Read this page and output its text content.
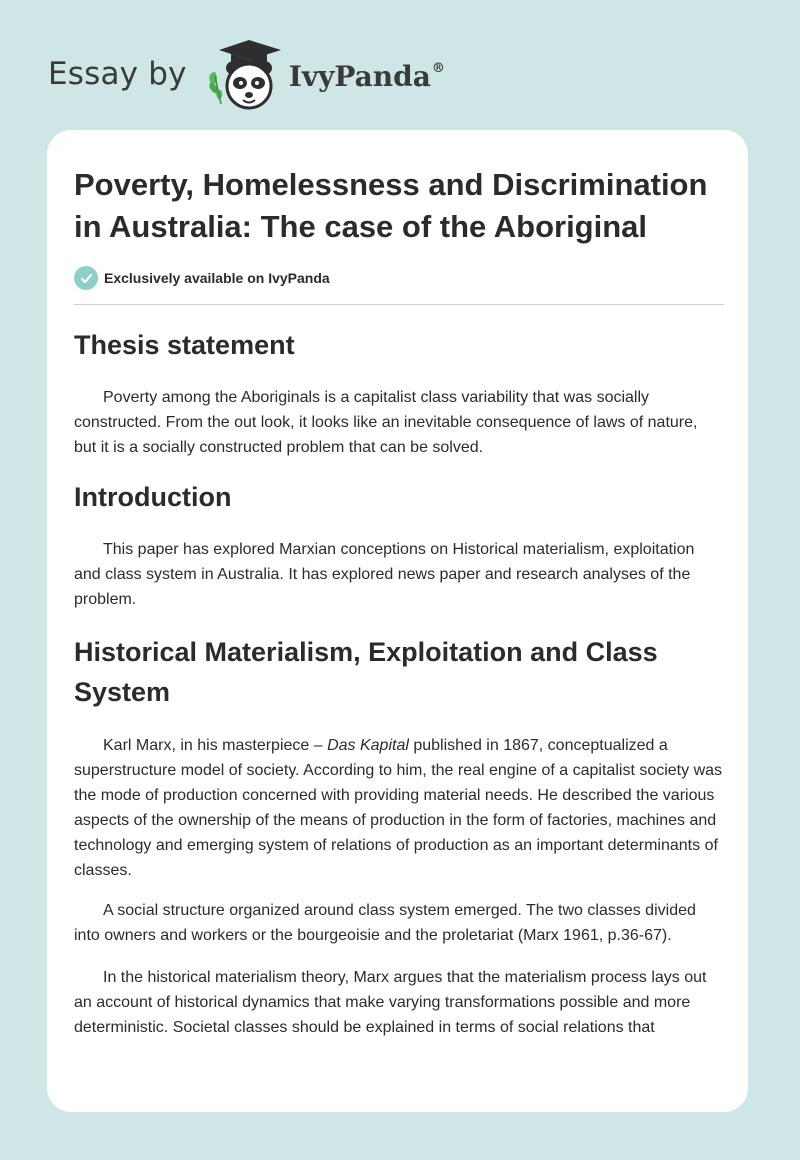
Essay by	IvyPanda®
Poverty, Homelessness and Discrimination in Australia: The case of the Aboriginal
Exclusively available on IvyPanda
Thesis statement

Poverty among the Aboriginals is a capitalist class variability that was socially constructed. From the out look, it looks like an inevitable consequence of laws of nature, but it is a socially constructed problem that can be solved.

Introduction

This paper has explored Marxian conceptions on Historical materialism, exploitation and class system in Australia. It has explored news paper and research analyses of the problem.

Historical Materialism, Exploitation and Class System

Karl Marx, in his masterpiece – Das Kapital published in 1867, conceptualized a superstructure model of society. According to him, the real engine of a capitalist society was the mode of production concerned with providing material needs. He described the various aspects of the ownership of the means of production in the form of factories, machines and technology and emerging system of relations of production as an important determinants of classes.

A social structure organized around class system emerged. The two classes divided into owners and workers or the bourgeoisie and the proletariat (Marx 1961, p.36-67).

In the historical materialism theory, Marx argues that the materialism process lays out an account of historical dynamics that make varying transformations possible and more deterministic. Societal classes should be explained in terms of social relations that
